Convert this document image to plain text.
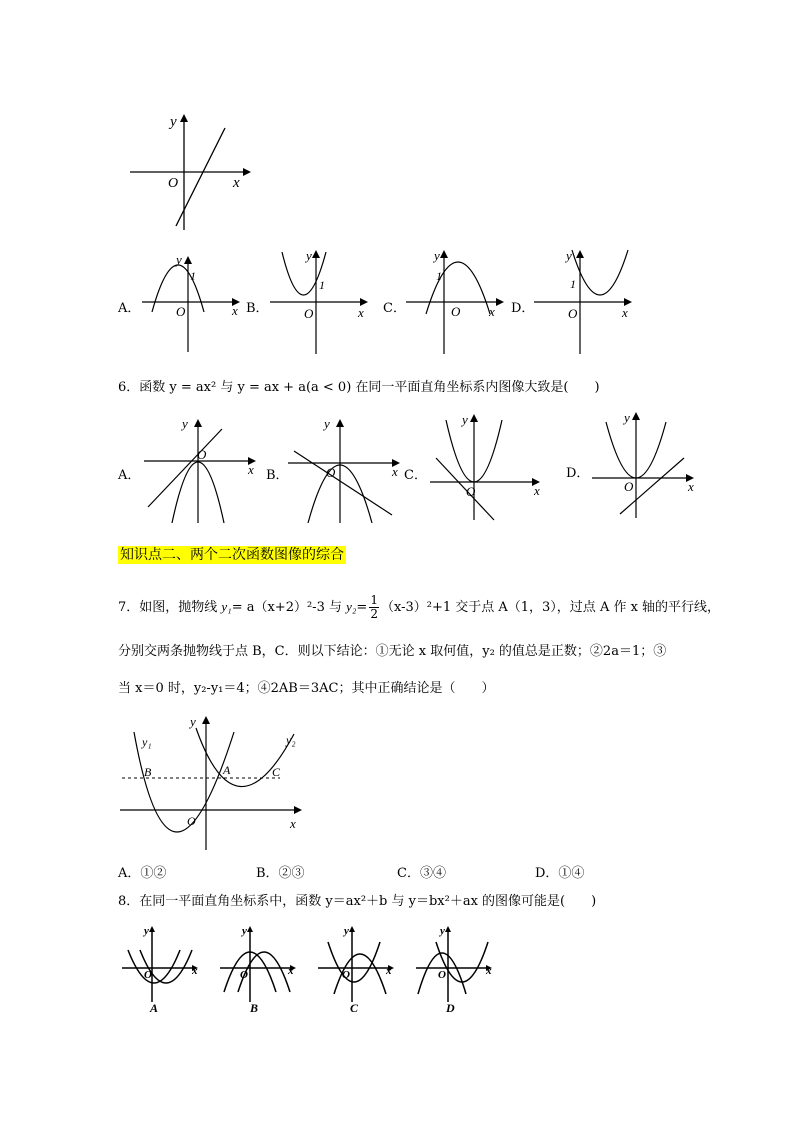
y
x
O
A．
y
x
O
1
B．
y
x
O
1
C．
y
x
O
1
D．
y
x
O
1
6．函数 y = ax² 与 y = ax + a(a < 0) 在同一平面直角坐标系内图像大致是(　　)
A．
y
x
O
B．
y
x
O	C．
y
x
O
D．
y
x
O
知识点二、两个二次函数图像的综合
7．如图，抛物线 y₁= a（x+2）²-3 与 $y_2= \frac{1}{2} (x-3)^2+1$ 交于点 A（1，3），过点 A 作 x 轴的平行线，
分别交两条抛物线于点 B，C．则以下结论：①无论 x 取何值，y₂ 的值总是正数；②2a＝1；③
当 x＝0 时，y₂-y₁＝4；④2AB＝3AC；其中正确结论是（　　）
y₁	y₂
B	A	C
O	x
y
A．①②	B．②③	C．③④	D．①④
8．在同一平面直角坐标系中，函数 y＝ax²＋b 与 y＝bx²＋ax 的图像可能是(　　)
y
x
O
A
y
x
O
B
y
x
O
C
y
x
O
D
